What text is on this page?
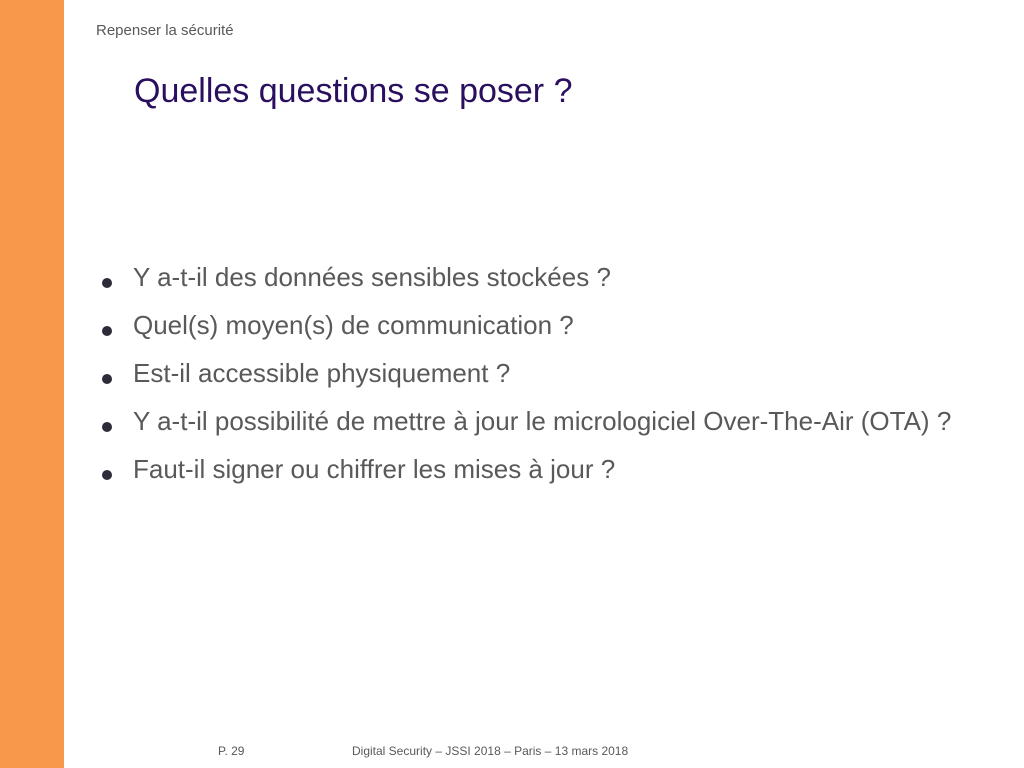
Repenser la sécurité
Quelles questions se poser ?
Y a-t-il des données sensibles stockées ?
Quel(s) moyen(s) de communication ?
Est-il accessible physiquement ?
Y a-t-il possibilité de mettre à jour le micrologiciel Over-The-Air (OTA) ?
Faut-il signer ou chiffrer les mises à jour ?
P. 29	Digital Security – JSSI 2018 – Paris – 13 mars 2018
